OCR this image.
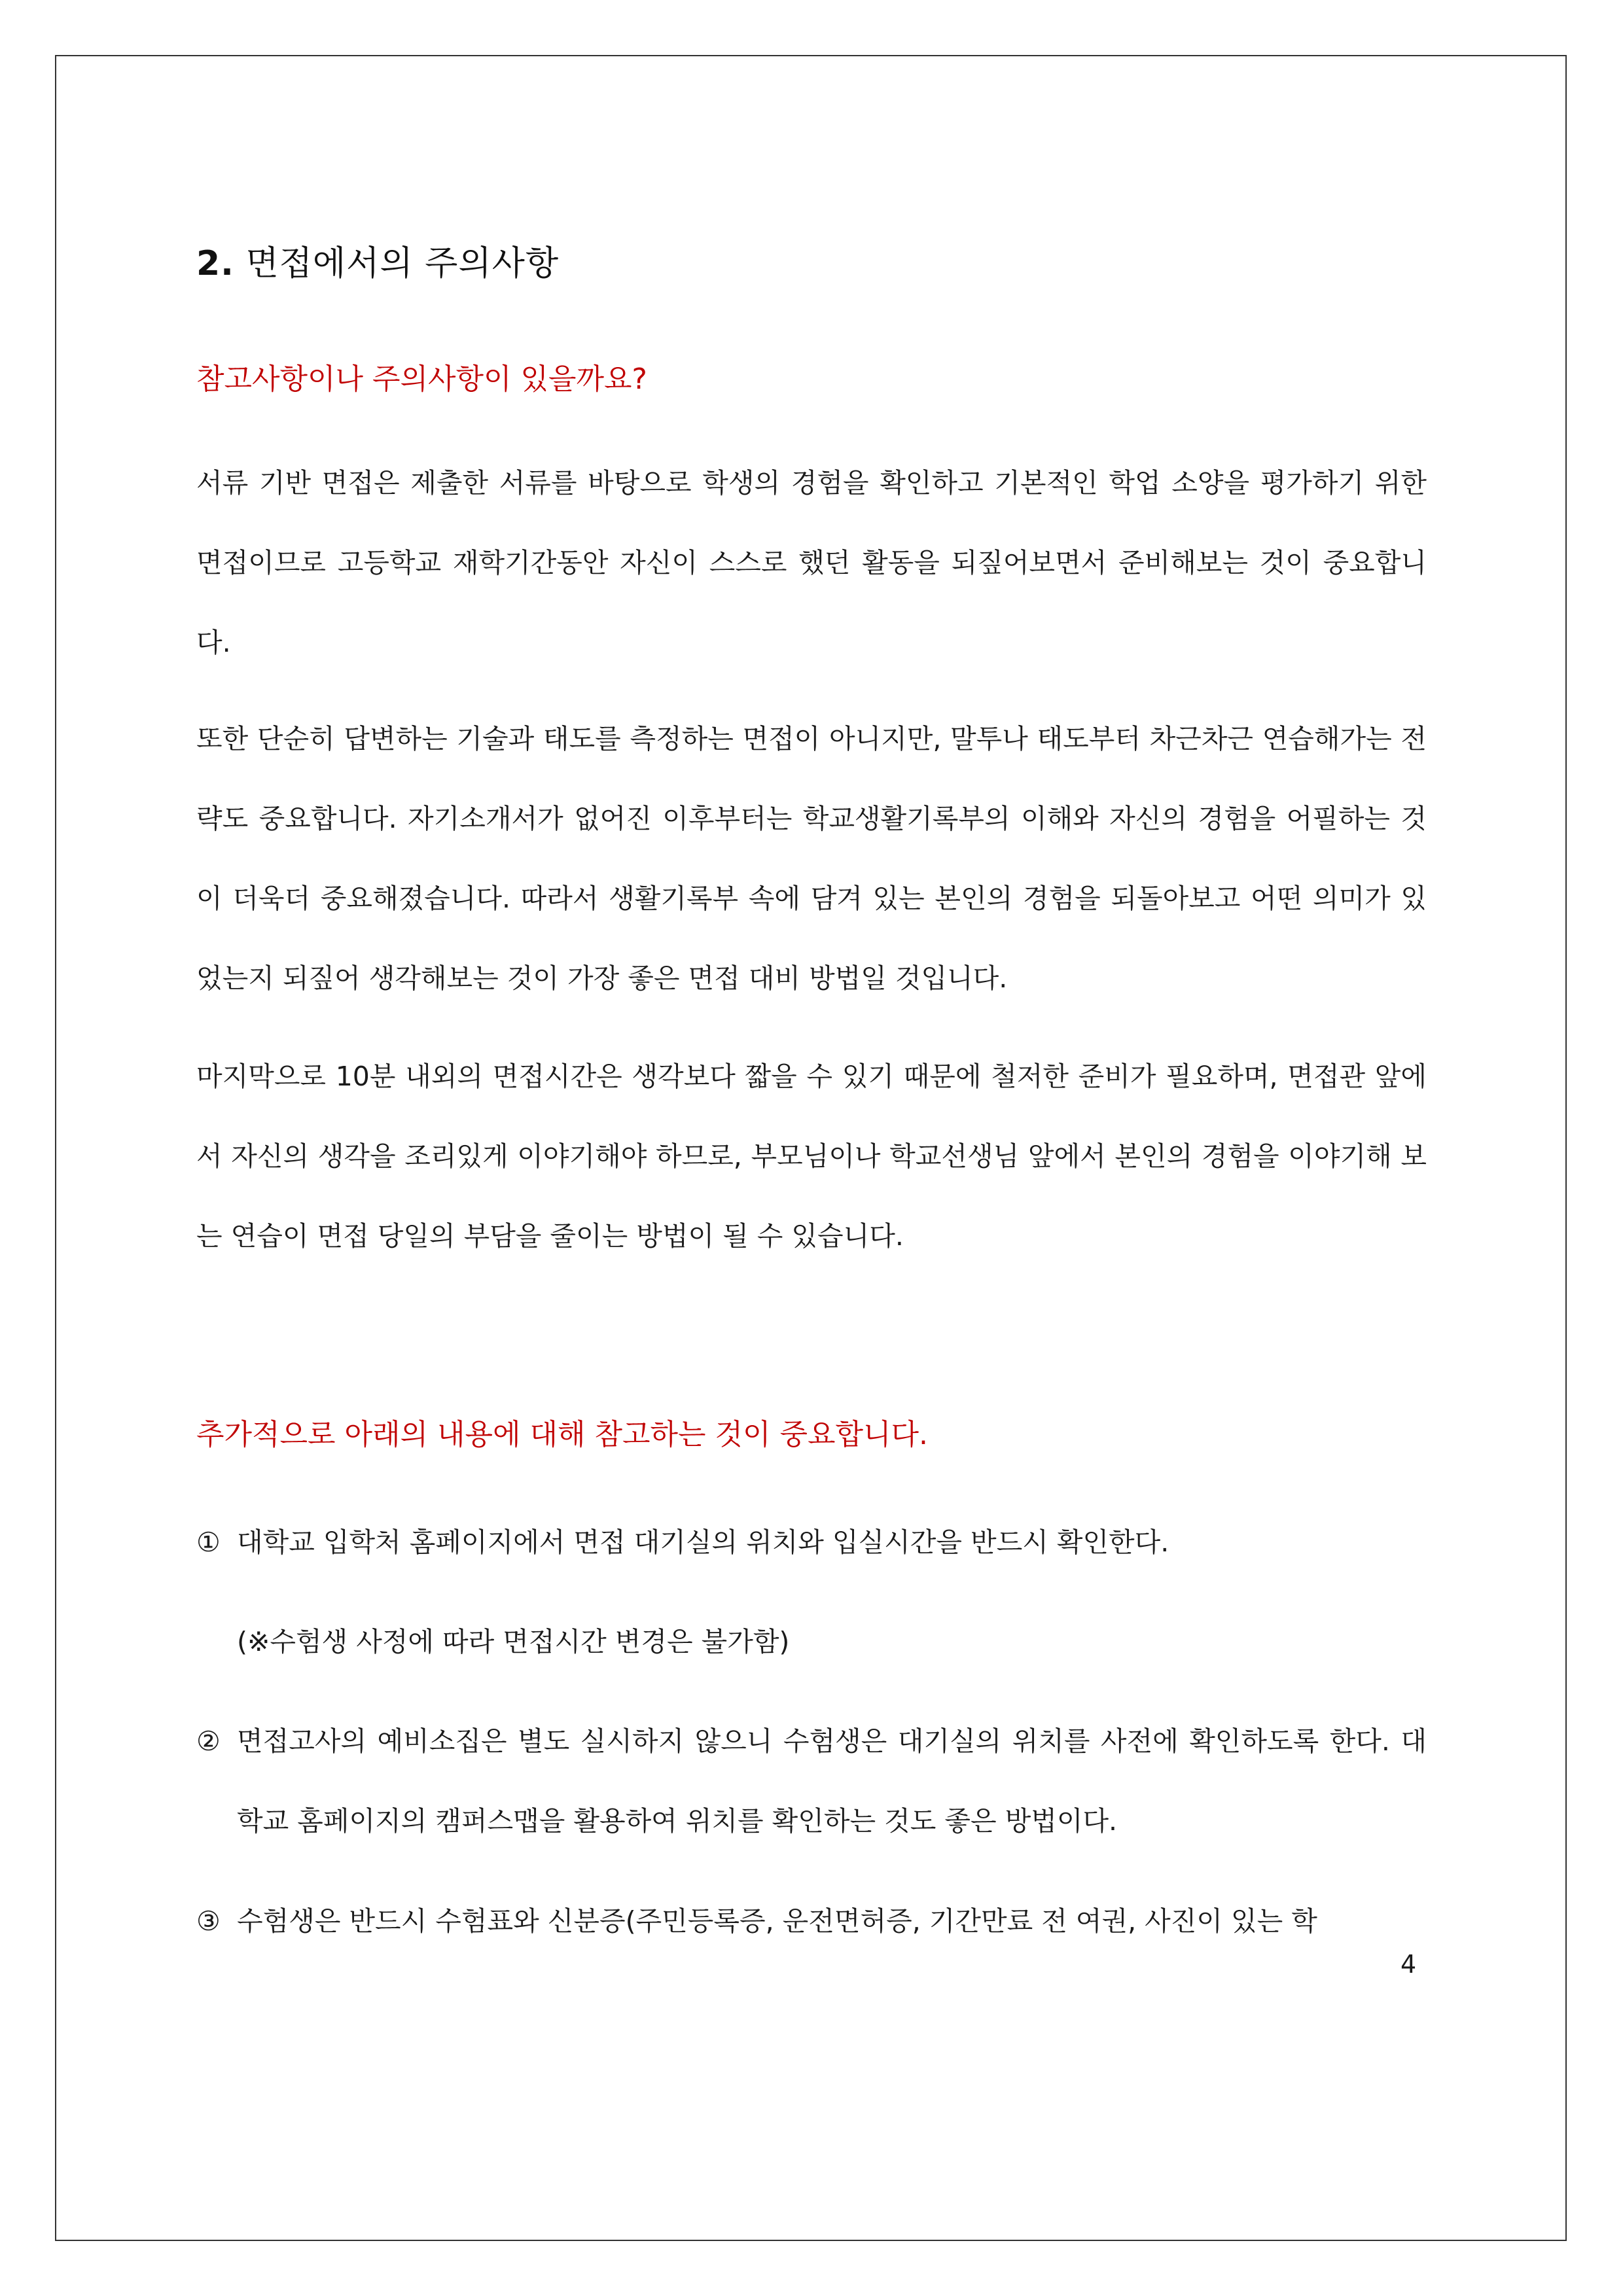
2. 면접에서의 주의사항
참고사항이나 주의사항이 있을까요?

서류 기반 면접은 제출한 서류를 바탕으로 학생의 경험을 확인하고 기본적인 학업 소양을 평가하기 위한 면접이므로 고등학교 재학기간동안 자신이 스스로 했던 활동을 되짚어보면서 준비해보는 것이 중요합니다.

또한 단순히 답변하는 기술과 태도를 측정하는 면접이 아니지만, 말투나 태도부터 차근차근 연습해가는 전략도 중요합니다. 자기소개서가 없어진 이후부터는 학교생활기록부의 이해와 자신의 경험을 어필하는 것이 더욱더 중요해졌습니다. 따라서 생활기록부 속에 담겨 있는 본인의 경험을 되돌아보고 어떤 의미가 있었는지 되짚어 생각해보는 것이 가장 좋은 면접 대비 방법일 것입니다.

마지막으로 10분 내외의 면접시간은 생각보다 짧을 수 있기 때문에 철저한 준비가 필요하며, 면접관 앞에서 자신의 생각을 조리있게 이야기해야 하므로, 부모님이나 학교선생님 앞에서 본인의 경험을 이야기해 보는 연습이 면접 당일의 부담을 줄이는 방법이 될 수 있습니다.

추가적으로 아래의 내용에 대해 참고하는 것이 중요합니다.
① 대학교 입학처 홈페이지에서 면접 대기실의 위치와 입실시간을 반드시 확인한다.
(※수험생 사정에 따라 면접시간 변경은 불가함)
② 면접고사의 예비소집은 별도 실시하지 않으니 수험생은 대기실의 위치를 사전에 확인하도록 한다. 대학교 홈페이지의 캠퍼스맵을 활용하여 위치를 확인하는 것도 좋은 방법이다.
③ 수험생은 반드시 수험표와 신분증(주민등록증, 운전면허증, 기간만료 전 여권, 사진이 있는 학
4
